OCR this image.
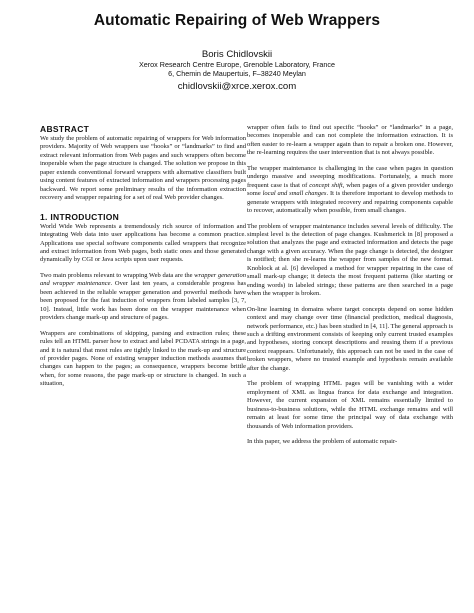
Automatic Repairing of Web Wrappers
Boris Chidlovskii
Xerox Research Centre Europe, Grenoble Laboratory, France
6, Chemin de Maupertuis, F–38240 Meylan
chidlovskii@xrce.xerox.com
ABSTRACT

We study the problem of automatic repairing of wrappers for Web information providers. Majority of Web wrappers use “hooks” or “landmarks” to find and extract relevant information from Web pages and such wrappers often become inoperable when the page structure is changed. The solution we propose in this paper extends conventional forward wrappers with alternative classifiers built using content features of extracted information and wrappers processing pages backward. We report some preliminary results of the information extraction recovery and wrapper repairing for a set of real Web provider changes.

1. INTRODUCTION

World Wide Web represents a tremendously rich source of information and integrating Web data into user applications has become a common practice. Applications use special software components called wrappers that recognize and extract information from Web pages, both static ones and those generated dynamically by CGI or Java scripts upon user requests.

Two main problems relevant to wrapping Web data are the wrapper generation and wrapper maintenance. Over last ten years, a considerable progress has been achieved in the reliable wrapper generation and powerful methods have been proposed for the fast induction of wrappers from labeled samples [3, 7, 10]. Instead, little work has been done on the wrapper maintenance when providers change mark-up and structure of pages.

Wrappers are combinations of skipping, parsing and extraction rules; these rules tell an HTML parser how to extract and label PCDATA strings in a page, and it is natural that most rules are tightly linked to the mark-up and structure of provider pages. None of existing wrapper induction methods assumes that changes can happen to the pages; as consequence, wrappers become brittle when, for some reasons, the page mark-up or structure is changed. In such a situation,

wrapper often fails to find out specific “hooks” or “landmarks” in a page, becomes inoperable and can not complete the information extraction. It is often easier to re-learn a wrapper again than to repair a broken one. However, the re-learning requires the user intervention that is not always possible.

The wrapper maintenance is challenging in the case when pages in question undergo massive and sweeping modifications. Fortunately, a much more frequent case is that of concept shift, when pages of a given provider undergo some local and small changes. It is therefore important to develop methods to generate wrappers with integrated recovery and repairing components capable to recover, automatically when possible, from small changes.

The problem of wrapper maintenance includes several levels of difficulty. The simplest level is the detection of page changes. Kushmerick in [8] proposed a solution that analyzes the page and extracted information and detects the page change with a given accuracy. When the page change is detected, the designer is notified; then she re-learns the wrapper from samples of the new format. Knoblock at al. [6] developed a method for wrapper repairing in the case of small mark-up change; it detects the most frequent patterns (like starting or ending words) in labeled strings; these patterns are then searched in a page when the wrapper is broken.

On-line learning in domains where target concepts depend on some hidden context and may change over time (financial prediction, medical diagnosis, network performance, etc.) has been studied in [4, 11]. The general approach is such a drifting environment consists of keeping only current trusted examples and hypotheses, storing concept descriptions and reusing them if a previous context reappears. Unfortunately, this approach can not be used in the case of broken wrappers, where no trusted example and hypothesis remain available after the change.

The problem of wrapping HTML pages will be vanishing with a wider employment of XML as lingua franca for data exchange and integration. However, the current expansion of XML remains essentially limited to business-to-business solutions, while the HTML exchange remains and will remain at least for some time the principal way of data exchange with thousands of Web information providers.

In this paper, we address the problem of automatic repair-
